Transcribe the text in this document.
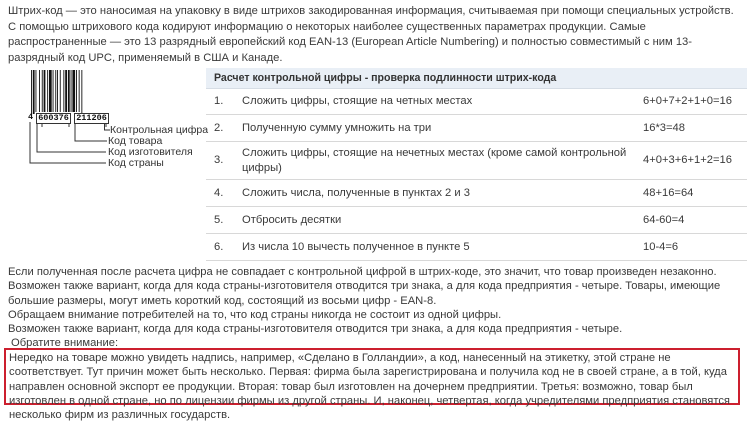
Штрих-код — это наносимая на упаковку в виде штрихов закодированная информация, считываемая при помощи специальных устройств. С помощью штрихового кода кодируют информацию о некоторых наиболее существенных параметрах продукции. Самые распространенные — это 13 разрядный европейский код EAN-13 (European Article Numbering) и полностью совместимый с ним 13-разрядный код UPC, применяемый в США и Канаде.

4 600376 211206
Контрольная цифра
Код товара
Код изготовителя
Код страны
Расчет контрольной цифры - проверка подлинности штрих-кода		
1.	Сложить цифры, стоящие на четных местах	6+0+7+2+1+0=16
2.	Полученную сумму умножить на три	16*3=48
3.	Сложить цифры, стоящие на нечетных местах (кроме самой контрольной цифры)	4+0+3+6+1+2=16
4.	Сложить числа, полученные в пунктах 2 и 3	48+16=64
5.	Отбросить десятки	64-60=4
6.	Из числа 10 вычесть полученное в пункте 5	10-4=6

Если полученная после расчета цифра не совпадает с контрольной цифрой в штрих-коде, это значит, что товар произведен незаконно.

Возможен также вариант, когда для кода страны-изготовителя отводится три знака, а для кода предприятия - четыре. Товары, имеющие большие размеры, могут иметь короткий код, состоящий из восьми цифр - EAN-8.

Обращаем внимание потребителей на то, что код страны никогда не состоит из одной цифры.

Возможен также вариант, когда для кода страны-изготовителя отводится три знака, а для кода предприятия - четыре.

Обратите внимание:

Нередко на товаре можно увидеть надпись, например, «Сделано в Голландии», а код, нанесенный на этикетку, этой стране не соответствует. Тут причин может быть несколько. Первая: фирма была зарегистрирована и получила код не в своей стране, а в той, куда направлен основной экспорт ее продукции. Вторая: товар был изготовлен на дочернем предприятии. Третья: возможно, товар был изготовлен в одной стране, но по лицензии фирмы из другой страны. И, наконец, четвертая, когда учредителями предприятия становятся несколько фирм из различных государств.
